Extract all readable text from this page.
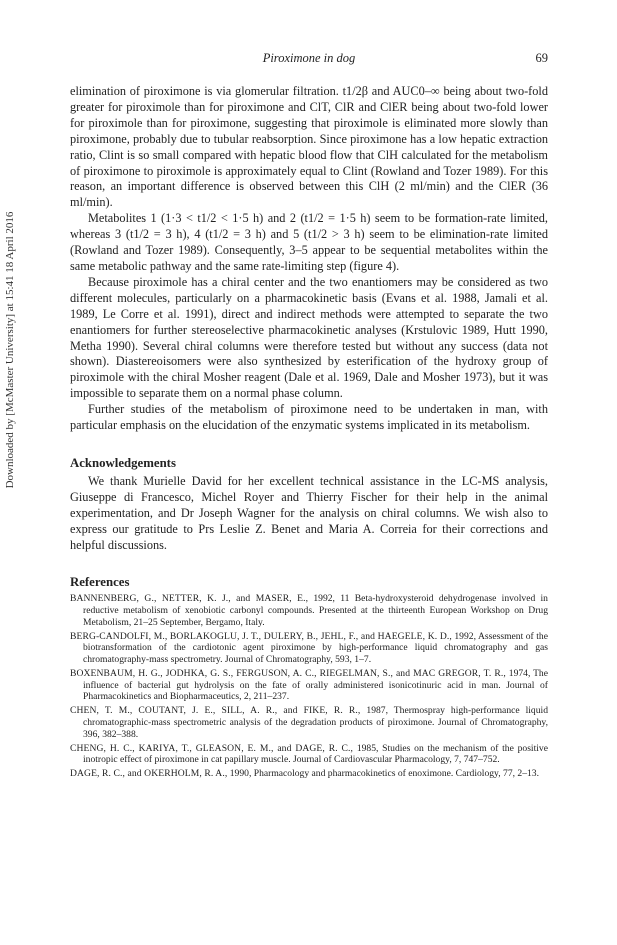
Downloaded by [McMaster University] at 15:41 18 April 2016
Piroximone in dog	69

elimination of piroximone is via glomerular filtration. t1/2β and AUC0–∞ being about two-fold greater for piroximole than for piroximone and ClT, ClR and ClER being about two-fold lower for piroximole than for piroximone, suggesting that piroximole is eliminated more slowly than piroximone, probably due to tubular reabsorption. Since piroximone has a low hepatic extraction ratio, Clint is so small compared with hepatic blood flow that ClH calculated for the metabolism of piroximone to piroximole is approximately equal to Clint (Rowland and Tozer 1989). For this reason, an important difference is observed between this ClH (2 ml/min) and the ClER (36 ml/min).

Metabolites 1 (1·3 < t1/2 < 1·5 h) and 2 (t1/2 = 1·5 h) seem to be formation-rate limited, whereas 3 (t1/2 = 3 h), 4 (t1/2 = 3 h) and 5 (t1/2 > 3 h) seem to be elimination-rate limited (Rowland and Tozer 1989). Consequently, 3–5 appear to be sequential metabolites within the same metabolic pathway and the same rate-limiting step (figure 4).

Because piroximole has a chiral center and the two enantiomers may be considered as two different molecules, particularly on a pharmacokinetic basis (Evans et al. 1988, Jamali et al. 1989, Le Corre et al. 1991), direct and indirect methods were attempted to separate the two enantiomers for further stereoselective pharmacokinetic analyses (Krstulovic 1989, Hutt 1990, Metha 1990). Several chiral columns were therefore tested but without any success (data not shown). Diastereoisomers were also synthesized by esterification of the hydroxy group of piroximole with the chiral Mosher reagent (Dale et al. 1969, Dale and Mosher 1973), but it was impossible to separate them on a normal phase column.

Further studies of the metabolism of piroximone need to be undertaken in man, with particular emphasis on the elucidation of the enzymatic systems implicated in its metabolism.

Acknowledgements

We thank Murielle David for her excellent technical assistance in the LC-MS analysis, Giuseppe di Francesco, Michel Royer and Thierry Fischer for their help in the animal experimentation, and Dr Joseph Wagner for the analysis on chiral columns. We wish also to express our gratitude to Prs Leslie Z. Benet and Maria A. Correia for their corrections and helpful discussions.

References
BANNENBERG, G., NETTER, K. J., and MASER, E., 1992, 11 Beta-hydroxysteroid dehydrogenase involved in reductive metabolism of xenobiotic carbonyl compounds. Presented at the thirteenth European Workshop on Drug Metabolism, 21–25 September, Bergamo, Italy.
BERG-CANDOLFI, M., BORLAKOGLU, J. T., DULERY, B., JEHL, F., and HAEGELE, K. D., 1992, Assessment of the biotransformation of the cardiotonic agent piroximone by high-performance liquid chromatography and gas chromatography-mass spectrometry. Journal of Chromatography, 593, 1–7.
BOXENBAUM, H. G., JODHKA, G. S., FERGUSON, A. C., RIEGELMAN, S., and MAC GREGOR, T. R., 1974, The influence of bacterial gut hydrolysis on the fate of orally administered isonicotinuric acid in man. Journal of Pharmacokinetics and Biopharmaceutics, 2, 211–237.
CHEN, T. M., COUTANT, J. E., SILL, A. R., and FIKE, R. R., 1987, Thermospray high-performance liquid chromatographic-mass spectrometric analysis of the degradation products of piroximone. Journal of Chromatography, 396, 382–388.
CHENG, H. C., KARIYA, T., GLEASON, E. M., and DAGE, R. C., 1985, Studies on the mechanism of the positive inotropic effect of piroximone in cat papillary muscle. Journal of Cardiovascular Pharmacology, 7, 747–752.
DAGE, R. C., and OKERHOLM, R. A., 1990, Pharmacology and pharmacokinetics of enoximone. Cardiology, 77, 2–13.
